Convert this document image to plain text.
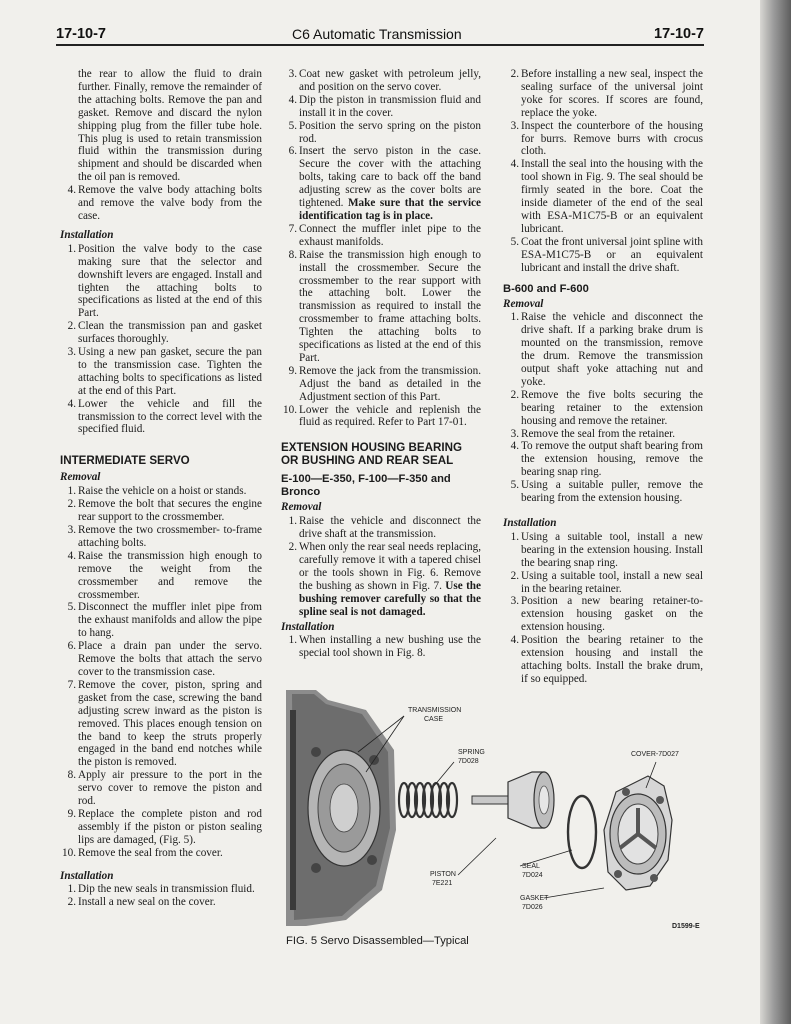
17-10-7	C6 Automatic Transmission	17-10-7

the rear to allow the fluid to drain further. Finally, remove the remainder of the attaching bolts. Remove the pan and gasket. Remove and discard the nylon shipping plug from the filler tube hole. This plug is used to retain transmission fluid within the transmission during shipment and should be discarded when the oil pan is removed.

4 . Remove the valve body attaching bolts and remove the valve body from the case.
Installation
1 . Position the valve body to the case making sure that the selector and downshift levers are engaged. Install and tighten the attaching bolts to specifications as listed at the end of this Part.
2 . Clean the transmission pan and gasket surfaces thoroughly.
3 . Using a new pan gasket, secure the pan to the transmission case. Tighten the attaching bolts to specifications as listed at the end of this Part.
4 . Lower the vehicle and fill the transmission to the correct level with the specified fluid.
INTERMEDIATE SERVO
Removal
1 . Raise the vehicle on a hoist or stands.
2 . Remove the bolt that secures the engine rear support to the crossmember.
3 . Remove the two crossmember- to-frame attaching bolts.
4 . Raise the transmission high enough to remove the weight from the crossmember and remove the crossmember.
5 . Disconnect the muffler inlet pipe from the exhaust manifolds and allow the pipe to hang.
6 . Place a drain pan under the servo. Remove the bolts that attach the servo cover to the transmission case.
7 . Remove the cover, piston, spring and gasket from the case, screwing the band adjusting screw inward as the piston is removed. This places enough tension on the band to keep the struts properly engaged in the band end notches while the piston is removed.
8 . Apply air pressure to the port in the servo cover to remove the piston and rod.
9 . Replace the complete piston and rod assembly if the piston or piston sealing lips are damaged, (Fig. 5).
10 . Remove the seal from the cover.
Installation
1 . Dip the new seals in transmission fluid.
2 . Install a new seal on the cover.
3 . Coat new gasket with petroleum jelly, and position on the servo cover.
4 . Dip the piston in transmission fluid and install it in the cover.
5 . Position the servo spring on the piston rod.
6 . Insert the servo piston in the case. Secure the cover with the attaching bolts, taking care to back off the band adjusting screw as the cover bolts are tightened. Make sure that the service identification tag is in place.
7 . Connect the muffler inlet pipe to the exhaust manifolds.
8 . Raise the transmission high enough to install the crossmember. Secure the crossmember to the rear support with the attaching bolt. Lower the transmission as required to install the crossmember to frame attaching bolts. Tighten the attaching bolts to specifications as listed at the end of this Part.
9 . Remove the jack from the transmission. Adjust the band as detailed in the Adjustment section of this Part.
10 . Lower the vehicle and replenish the fluid as required. Refer to Part 17-01.
EXTENSION HOUSING BEARING OR BUSHING AND REAR SEAL
E-100—E-350, F-100—F-350 and Bronco
Removal
1 . Raise the vehicle and disconnect the drive shaft at the transmission.
2 . When only the rear seal needs replacing, carefully remove it with a tapered chisel or the tools shown in Fig. 6. Remove the bushing as shown in Fig. 7. Use the bushing remover carefully so that the spline seal is not damaged.
Installation
1 . When installing a new bushing use the special tool shown in Fig. 8.
2 . Before installing a new seal, inspect the sealing surface of the universal joint yoke for scores. If scores are found, replace the yoke.
3 . Inspect the counterbore of the housing for burrs. Remove burrs with crocus cloth.
4 . Install the seal into the housing with the tool shown in Fig. 9. The seal should be firmly seated in the bore. Coat the inside diameter of the end of the seal with ESA-M1C75-B or an equivalent lubricant.
5 . Coat the front universal joint spline with ESA-M1C75-B or an equivalent lubricant and install the drive shaft.
B-600 and F-600
Removal
1 . Raise the vehicle and disconnect the drive shaft. If a parking brake drum is mounted on the transmission, remove the drum. Remove the transmission output shaft yoke attaching nut and yoke.
2 . Remove the five bolts securing the bearing retainer to the extension housing and remove the retainer.
3 . Remove the seal from the retainer.
4 . To remove the output shaft bearing from the extension housing, remove the bearing snap ring.
5 . Using a suitable puller, remove the bearing from the extension housing.
Installation
1 . Using a suitable tool, install a new bearing in the extension housing. Install the bearing snap ring.
2 . Using a suitable tool, install a new seal in the bearing retainer.
3 . Position a new bearing retainer-to-extension housing gasket on the extension housing.
4 . Position the bearing retainer to the extension housing and install the attaching bolts. Install the brake drum, if so equipped.
TRANSMISSION
CASE
SPRING
7D028
COVER-7D027
SEAL
7D024
PISTON
7E221
GASKET
7D026
D1599-E
FIG. 5 Servo Disassembled—Typical
